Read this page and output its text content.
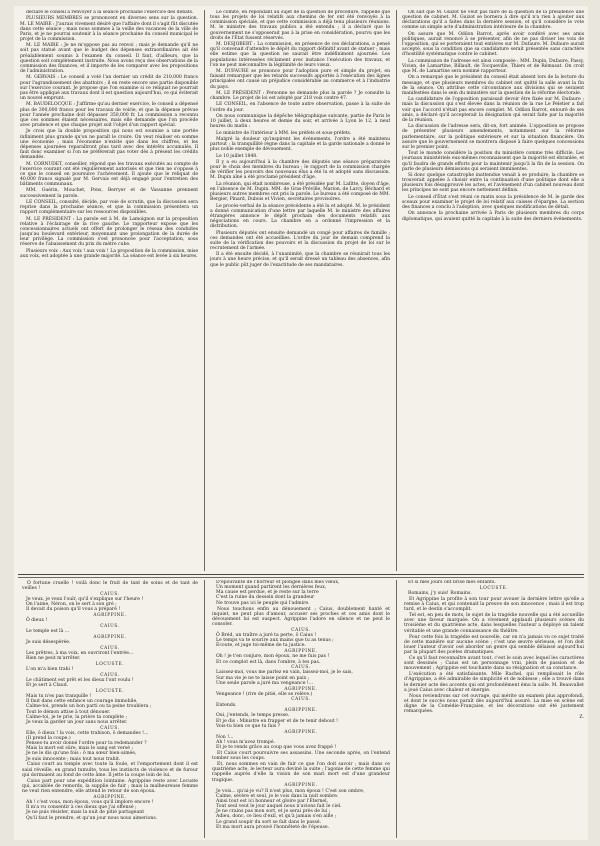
déclaré le conseil à renvoyer à la séance prochaine l'exercice des débats.

PLUSIEURS MEMBRES se prononcent en diverses sens sur la question. M. LE MAIRE : J'aurais vivement désiré que l'affaire dont il s'agit fût discutée dans cette séance ; mais nous sommes à la veille des vacances de la ville de Paris, et je ne pourrai soutenir à la séance prochaine du conseil municipal le projet de la commission.

M. LE MAIRE : Je ne m'oppose pas au renvoi ; mais je demande qu'il ne soit pas statué avant que le budget des dépenses extraordinaires ait été préalablement soumis à l'examen du conseil. Il faut, d'ailleurs, que la question soit complètement instruite. Nous avons reçu des observations de la commission des finances, et il importe de les comparer avec les propositions de l'administration.

M. GERVAIS : Le conseil a voté l'an dernier un crédit de 210,000 francs pour l'agrandissement des abattoirs ; il en reste encore une partie disponible sur l'exercice courant. Je propose que l'on examine si ce reliquat ne pourrait pas être appliqué aux travaux dont il est question aujourd'hui, ce qui éviterait un nouvel emprunt.

M. BAUDELOCQUE : J'affirme qu'au dernier exercice, le conseil a dépensé plus de 300,000 francs pour les travaux de voirie, et que la dépense prévue pour l'année prochaine doit dépasser 350,000 fr. La commission a reconnu que ces sommes étaient nécessaires, mais elle demande que l'on procède avec prudence et que chaque projet soit l'objet d'un rapport spécial.

Je crois que la double proposition qui nous est soumise a une portée infiniment plus grande qu'on ne paraît le croire. On veut réaliser en somme une économie ; mais l'économie n'existe que dans les chiffres, et les dépenses ajournées reparaîtront plus tard avec des intérêts accumulés. Il faut donc examiner si l'on ne préférerait pas voter dès à présent les crédits demandés.

M. CORNUDET, conseiller, répond que les travaux exécutés au compte de l'exercice courant ont été régulièrement autorisés et que rien ne s'oppose à ce que le conseil en poursuive l'achèvement. Il ajoute que le reliquat de 40,000 francs signalé par M. Gervais est déjà engagé pour l'entretien des bâtiments communaux.

MM. Guérin, Mouchet, Pons, Berryer et de Vassanne prennent successivement la parole.

LE CONSEIL, consulté, décide, par voie de scrutin, que la discussion sera reprise dans la prochaine séance, et que la commission présentera un rapport complémentaire sur les ressources disponibles.

M. LE PRÉSIDENT : La parole est à M. de Lamoignon sur la proposition relative à l'éclairage de la rive gauche. Le rapporteur expose que les concessionnaires actuels ont offert de prolonger le réseau des conduites jusqu'au boulevard extérieur, moyennant une prolongation de la durée de leur privilège. La commission s'est prononcée pour l'acceptation, sous réserve de l'abaissement du prix du mètre cube.

Plusieurs voix : Aux voix ! aux voix ! La proposition de la commission, mise aux voix, est adoptée à une grande majorité. La séance est levée à six heures.

Le comité, en répondant au sujet de la question de procédure, rappelle que tous les projets de loi relatifs aux chemins de fer ont été renvoyés à la commission spéciale, et que cette commission a déjà tenu plusieurs réunions. M. le ministre des travaux publics a été entendu ; il a déclaré que le gouvernement ne s'opposerait pas à la prise en considération, pourvu que les droits de l'État fussent réservés.

M. DESJOBERT : La commission, en présence de ces déclarations, a pensé qu'il convenait d'attendre le dépôt du rapport définitif avant de statuer ; mais elle estime que la question ne saurait être indéfiniment ajournée. Les populations intéressées réclament avec instance l'exécution des travaux, et l'on ne peut méconnaître la légitimité de leurs vœux.

M. DUFAURE se prononce pour l'adoption pure et simple du projet, en faisant remarquer que les retards successifs apportés à l'exécution des lignes principales ont causé un préjudice considérable au commerce et à l'industrie du pays.

M. LE PRÉSIDENT : Personne ne demande plus la parole ? Je consulte la chambre. Le projet de loi est adopté par 218 voix contre 47.

LE CONSEIL, en l'absence de toute autre observation, passe à la suite de l'ordre du jour.

On nous communique la dépêche télégraphique suivante, partie de Paris le 10 juillet, à deux heures et demie du soir, et arrivée à Lyon le 12, à neuf heures du matin :

Le ministre de l'intérieur à MM. les préfets et sous-préfets.

Malgré la douleur qu'inspirent les événements, l'ordre a été maintenu partout ; la tranquillité règne dans la capitale et la garde nationale a donné le plus noble exemple de dévouement.

Le 10 juillet 1848.

Il y a eu aujourd'hui à la chambre des députés une séance préparatoire pour le choix des membres du bureau ; le rapport de la commission chargée de vérifier les pouvoirs des nouveaux élus a été lu et adopté sans discussion. M. Dupin aîné a été proclamé président d'âge.

La réunion, qui était nombreuse, a été présidée par M. Lafitte, doyen d'âge, en l'absence de M. Dupin. MM. de Gras-Préville, Marion, de Larcy, Béchard et plusieurs autres membres ont pris la parole. Le bureau a été composé de MM. Bergier, Pinard, Dubois et Vivien, secrétaires provisoires.

Le procès-verbal de la séance précédente a été lu et adopté. M. le président a donné communication d'une lettre par laquelle M. le ministre des affaires étrangères annonce le dépôt prochain des documents relatifs aux négociations en cours. La chambre en a ordonné l'impression et la distribution.

Plusieurs députés ont ensuite demandé un congé pour affaires de famille ; ces demandes ont été accueillies. L'ordre du jour de demain comprend la suite de la vérification des pouvoirs et la discussion du projet de loi sur le recrutement de l'armée.

Il a été ensuite décidé, à l'unanimité, que la chambre se réunirait tous les jours à une heure précise, et qu'il serait dressé un tableau des absences, afin que le public pût juger de l'exactitude de ses mandataires.

On sait que M. Guizot ne veut pas faire de la question de la présidence une question de cabinet. M. Guizot se bornera à dire qu'il n'a rien à ajouter aux déclarations qu'il a faites dans la dernière session, et qu'il considère le vote comme un simple acte d'administration intérieure de la chambre.

On assure que M. Odilon Barrot, après avoir conféré avec ses amis politiques, aurait renoncé à se présenter, afin de ne pas diviser les voix de l'opposition, qui se porteraient tout entières sur M. Dufaure. M. Dufaure aurait accepté, sous la condition que sa candidature serait présentée sans caractère d'hostilité systématique contre le cabinet.

La commission de l'adresse est ainsi composée : MM. Dupin, Dufaure, Passy, Vivien, de Lamartine, Billault, de Tocqueville, Thiers et de Rémusat. On croit que M. de Lamartine sera nommé rapporteur.

On a remarqué que le président du conseil était absent lors de la lecture du message, et que plusieurs membres du cabinet ont quitté la salle avant la fin de la séance. On attribue cette circonstance aux divisions qui se seraient manifestées dans le sein du ministère sur la question de la réforme électorale.

La candidature de l'opposition paraissait devoir être fixée sur M. Dufaure ; mais la discussion qui s'est élevée dans la réunion de la rue Le Peletier a fait voir que l'accord n'était pas encore complet. M. Odilon Barrot, entouré de ses amis, a déclaré qu'il accepterait la désignation qui serait faite par la majorité de la réunion.

La discussion de l'adresse sera, dit-on, fort animée. L'opposition se propose de présenter plusieurs amendements, notamment sur la réforme parlementaire, sur la politique extérieure et sur la situation financière. On assure que le gouvernement se montrera disposé à faire quelques concessions sur le premier point.

Tout le monde considère la position du ministère comme très difficile. Les journaux ministériels eux-mêmes reconnaissent que la majorité est ébranlée, et qu'il faudra de grands efforts pour la maintenir jusqu'à la fin de la session. On parle de plusieurs démissions qui seraient imminentes.

Si donc quelque catastrophe inattendue venait à se produire, la chambre se trouverait appelée à choisir entre la continuation d'une politique dont elle a plusieurs fois désapprouvé les actes, et l'avènement d'un cabinet nouveau dont les principes ne sont pas encore nettement définis.

Le conseil d'État s'est réuni ce matin sous la présidence de M. le garde des sceaux pour examiner le projet de loi relatif aux caisses d'épargne. La section des finances a conclu à l'adoption, avec quelques modifications de détail.

On annonce la prochaine arrivée à Paris de plusieurs membres du corps diplomatique, qui avaient quitté la capitale à la suite des derniers événements.

Ô fortune cruelle ! voilà donc le fruit de tant de soins et de tant de veilles !
CAIUS.
Je veux, je veux l'ouïr, qu'il s'explique sur l'heure !
On l'aime, Néron, on le sert à son gré ;
Il devait du poison qu'il vous a préparé !
AGRIPPINE.
Ô dieux !
CAIUS.
Le temple est là ...
AGRIPPINE.
Je suis désespérée.
CAIUS.
Les prêtres, à ma voix, en ouvriront l'entrée...
Rien ne peut m'arrêter.
LOCUSTE.
L'on m'a bien trahi !
CAIUS.
Le châtiment est prêt et les dieux l'ont voulu !
Et je sert à Claud.
LOCUSTE.
Mais tu n'es pas tranquille !
Il faut dans cette enfance un courage immobile.
Calme-toi, prends un bon parti ou ta peine troublera ;
Tout le démon attise à tout dénouer.
Calme-toi, je te prie, la prière ta complète ;
Je veux la garder un jour sans nous arrêter.
CAIUS.
Elle, ô dieux ! la vois, cette trahison, ô demandes !...
(Il prend la coupe.)
Penses-tu avoir donné l'ordre pour ta redemander ?
Mais la mort est sûre, mais le sang est versé ;
Je ne le dis qu'une fois : ô ma sœur bien-aimée,
Je suis innocente ; mais tout nous trahit.
Caius court au temple avec toute la foule, et l'emportement dont il est saisi réveille, en grand tumulte, tous les instincts de violence et de fureur qui dormaient au fond de cette âme. Il jette la coupe loin de lui.
Caius part pour une expédition lointaine. Agrippine reste avec Locuste qui, accablée de remords, la supplie de fuir ; mais la malheureuse femme ne veut rien entendre, elle attend le retour de son époux.
AGRIPPINE.
Ah ! c'est vous, mon époux, vous qu'il implore encore !
Il m'a vu consentir à ces dieux que j'ai offensé ;
Je ne puis résister, mais la nuit de pitié partageant
Qu'il faut le prendre, et qu'un jour nous nous aimerions.
D'épouvante de l'horreur et plongée dans mes vœux,
Un moment quand partirent les dernières feux,
Ma cause est perdue, et je reste sur la terre
C'est la ruine du dessein dont la grandeur
Ne trouve pas ici le peuple qui l'admire.
Nous touchons enfin au dénouement ; Caius, doublement hanté et inquiet, ne peut plus d'amour, accuser ses proches et ces amis dont le dévouement lui est suspect. Agrippine l'adore en silence et ne peut le consoler.
CAIUS.
Ô Bréd, un traître a juré ta perte, ô Caius !
Le temps va te sourire aux mains que tu as tenus ;
Écoute, et juge toi-même de ta justice.
AGRIPPINE.
Oh ! je t'en conjure, mon époux, ne me fuis pas !
Et ce complot est là, dans l'ombre, à tes pas.
CAIUS.
Laissez-moi, vous me parlez en vain, laissez-moi, je le sais,
Sur ma vie je ne te laisse point en paix ;
Une seule parole a juré ma vengeance !...
AGRIPPINE.
Vengeance ! (rire de pitié, elle se relève.)
CAIUS.
Entends.
AGRIPPINE.
Oui, j'entends, le temps presse.
Et je dis : Ministre en frapper et de te tenir debout !
Vois-tu bien ce que tu fais ?
AGRIPPINE.
Non !...
Ah ! vous m'avez trompé.
Et je te rends grâce au coup que vous avez frappé !
Et Caius court poursuivre ses assassins. Une seconde après, on l'entend tomber sous les coups.
Et, nous sommes en vain de fuir ce que l'on doit savoir ; mais dans ce quatrième acte, le lecteur aura deviné la suite ; l'agonie de cette femme qui rappelle auprès d'elle la vision de son mari mort est d'une grandeur tragique.
AGRIPPINE.
Je vois... qu'ai-je vu? Il n'est plus, mon époux ! C'est son ombre,
Calme, sévère et seul, je le vois dans la nuit sombre.
Ainsi tout est ici honneur et gloire par l'Éternel,
Tout seul veut le jour auquel nous n'avions fait le ciel.
Je ne crains pas mon sort, et je serai près de lui ;
Adieu, donc, ce lieu d'exil, et qu'à jamais s'en aille ;
Le grand soupir du sort se fait dans le passé.
Et ma mort aura prouvé l'honnêteté de l'épouse.
Et si mes jours ont brisé mes enfants.
LOCUSTE.
Romains, j'y suis! Romains.
Et Agrippine la profite à son tour pour avouer la dernière lettre qu'elle a remise à Caius, et qui contenait la preuve de son innocence ; mais il est trop tard, et le destin s'accomplit.
Tel est, en peu de mots, le sujet de la tragédie nouvelle qui a été accueillie avec une faveur marquée. On a vivement applaudi plusieurs scènes du troisième et du quatrième acte, dans lesquelles l'auteur a déployé un talent véritable et une grande connaissance du théâtre.
Pour cette fois la tragédie est nouvelle, car on n'a jamais vu ce sujet traité de cette manière sur aucune scène ; c'est une œuvre sérieuse, et l'on doit louer l'auteur d'avoir osé aborder un genre qui semble délaissé aujourd'hui par la plupart des poètes dramatiques.
Ce qu'il faut reconnaître avant tout, c'est le soin avec lequel les caractères sont dessinés ; Caius est un personnage vrai, plein de passion et de mouvement ; Agrippine est touchante dans sa résignation et sa constance.
L'exécution a été satisfaisante. Mlle Rachel, qui remplissait le rôle d'Agrippine, a été admirable de simplicité et de noblesse ; elle a trouvé dans le dernier acte des accents qui ont profondément ému la salle. M. Beauvallet a joué Caius avec chaleur et énergie.
Nous reviendrons sur cet ouvrage, qui mérite un examen plus approfondi, et dont le succès nous paraît dès aujourd'hui assuré. La mise en scène est digne de la Comédie-Française, et les décorations ont été justement remarquées.
Z.
